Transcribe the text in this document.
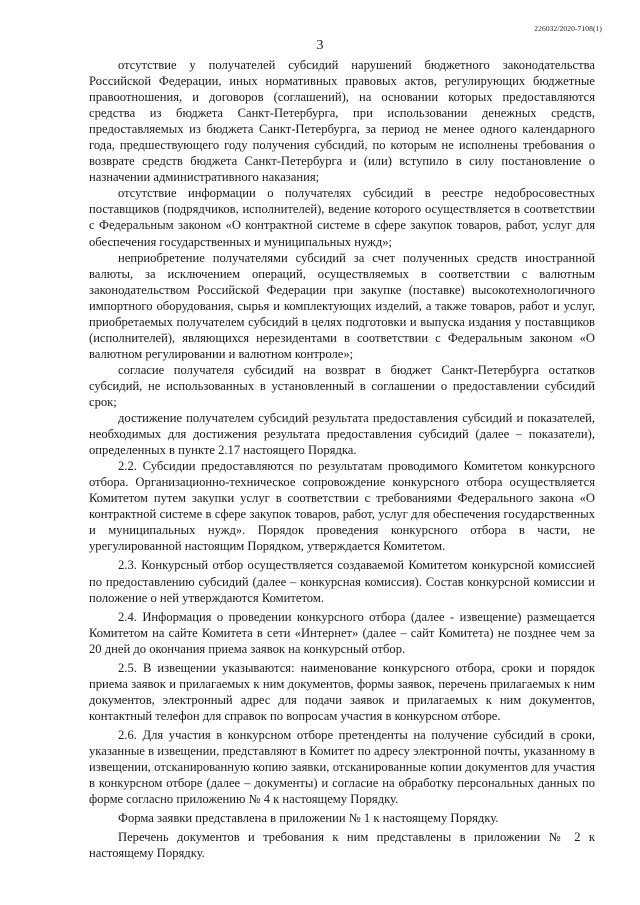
226032/2020-7108(1)
3

отсутствие у получателей субсидий нарушений бюджетного законодательства Российской Федерации, иных нормативных правовых актов, регулирующих бюджетные правоотношения, и договоров (соглашений), на основании которых предоставляются средства из бюджета Санкт-Петербурга, при использовании денежных средств, предоставляемых из бюджета Санкт-Петербурга, за период не менее одного календарного года, предшествующего году получения субсидий, по которым не исполнены требования о возврате средств бюджета Санкт-Петербурга и (или) вступило в силу постановление о назначении административного наказания;

отсутствие информации о получателях субсидий в реестре недобросовестных поставщиков (подрядчиков, исполнителей), ведение которого осуществляется в соответствии с Федеральным законом «О контрактной системе в сфере закупок товаров, работ, услуг для обеспечения государственных и муниципальных нужд»;

неприобретение получателями субсидий за счет полученных средств иностранной валюты, за исключением операций, осуществляемых в соответствии с валютным законодательством Российской Федерации при закупке (поставке) высокотехнологичного импортного оборудования, сырья и комплектующих изделий, а также товаров, работ и услуг, приобретаемых получателем субсидий в целях подготовки и выпуска издания у поставщиков (исполнителей), являющихся нерезидентами в соответствии с Федеральным законом «О валютном регулировании и валютном контроле»;

согласие получателя субсидий на возврат в бюджет Санкт-Петербурга остатков субсидий, не использованных в установленный в соглашении о предоставлении субсидий срок;

достижение получателем субсидий результата предоставления субсидий и показателей, необходимых для достижения результата предоставления субсидий (далее – показатели), определенных в пункте 2.17 настоящего Порядка.

2.2. Субсидии предоставляются по результатам проводимого Комитетом конкурсного отбора. Организационно-техническое сопровождение конкурсного отбора осуществляется Комитетом путем закупки услуг в соответствии с требованиями Федерального закона «О контрактной системе в сфере закупок товаров, работ, услуг для обеспечения государственных и муниципальных нужд». Порядок проведения конкурсного отбора в части, не урегулированной настоящим Порядком, утверждается Комитетом.

2.3. Конкурсный отбор осуществляется создаваемой Комитетом конкурсной комиссией по предоставлению субсидий (далее – конкурсная комиссия). Состав конкурсной комиссии и положение о ней утверждаются Комитетом.

2.4. Информация о проведении конкурсного отбора (далее - извещение) размещается Комитетом на сайте Комитета в сети «Интернет» (далее – сайт Комитета) не позднее чем за 20 дней до окончания приема заявок на конкурсный отбор.

2.5. В извещении указываются: наименование конкурсного отбора, сроки и порядок приема заявок и прилагаемых к ним документов, формы заявок, перечень прилагаемых к ним документов, электронный адрес для подачи заявок и прилагаемых к ним документов, контактный телефон для справок по вопросам участия в конкурсном отборе.

2.6. Для участия в конкурсном отборе претенденты на получение субсидий в сроки, указанные в извещении, представляют в Комитет по адресу электронной почты, указанному в извещении, отсканированную копию заявки, отсканированные копии документов для участия в конкурсном отборе (далее – документы) и согласие на обработку персональных данных по форме согласно приложению № 4 к настоящему Порядку.

Форма заявки представлена в приложении № 1 к настоящему Порядку.

Перечень документов и требования к ним представлены в приложении № 2 к настоящему Порядку.
